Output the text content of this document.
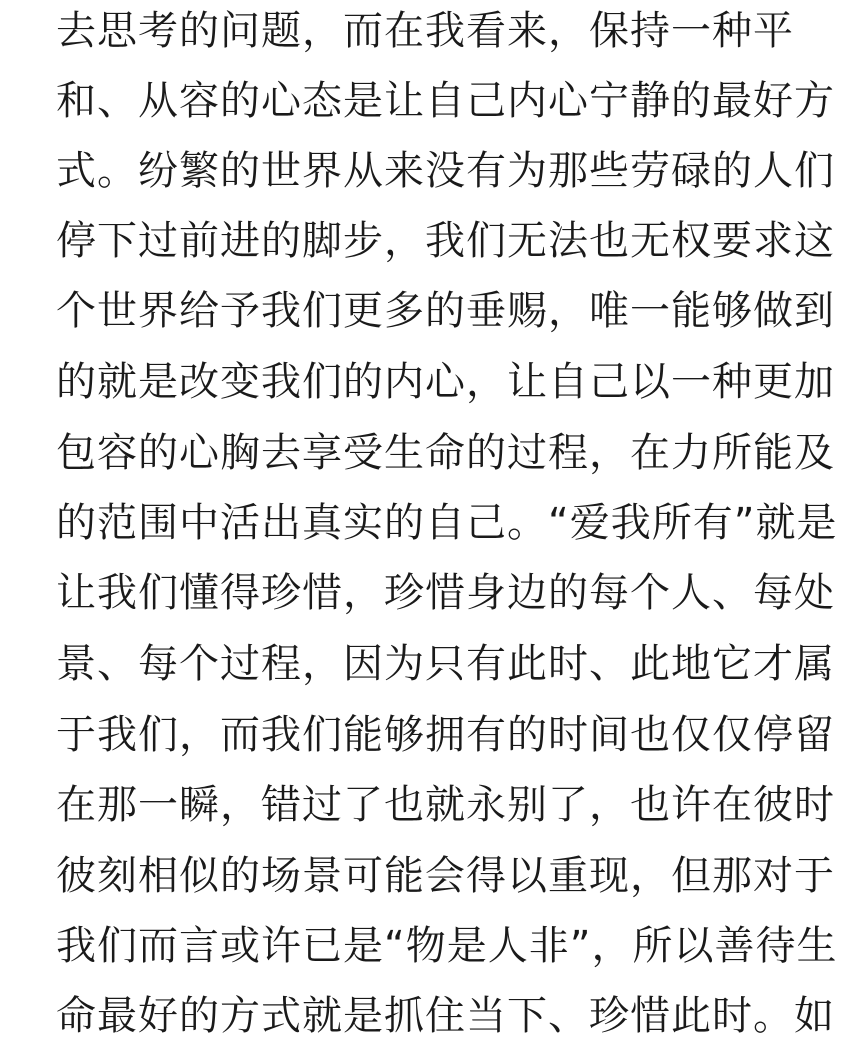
去思考的问题，而在我看来，保持一种平
和、从容的心态是让自己内心宁静的最好方
式。纷繁的世界从来没有为那些劳碌的人们
停下过前进的脚步，我们无法也无权要求这
个世界给予我们更多的垂赐，唯一能够做到
的就是改变我们的内心，让自己以一种更加
包容的心胸去享受生命的过程，在力所能及
的范围中活出真实的自己。“爱我所有”就是
让我们懂得珍惜，珍惜身边的每个人、每处
景、每个过程，因为只有此时、此地它才属
于我们，而我们能够拥有的时间也仅仅停留
在那一瞬，错过了也就永别了，也许在彼时
彼刻相似的场景可能会得以重现，但那对于
我们而言或许已是“物是人非”，所以善待生
命最好的方式就是抓住当下、珍惜此时。如
